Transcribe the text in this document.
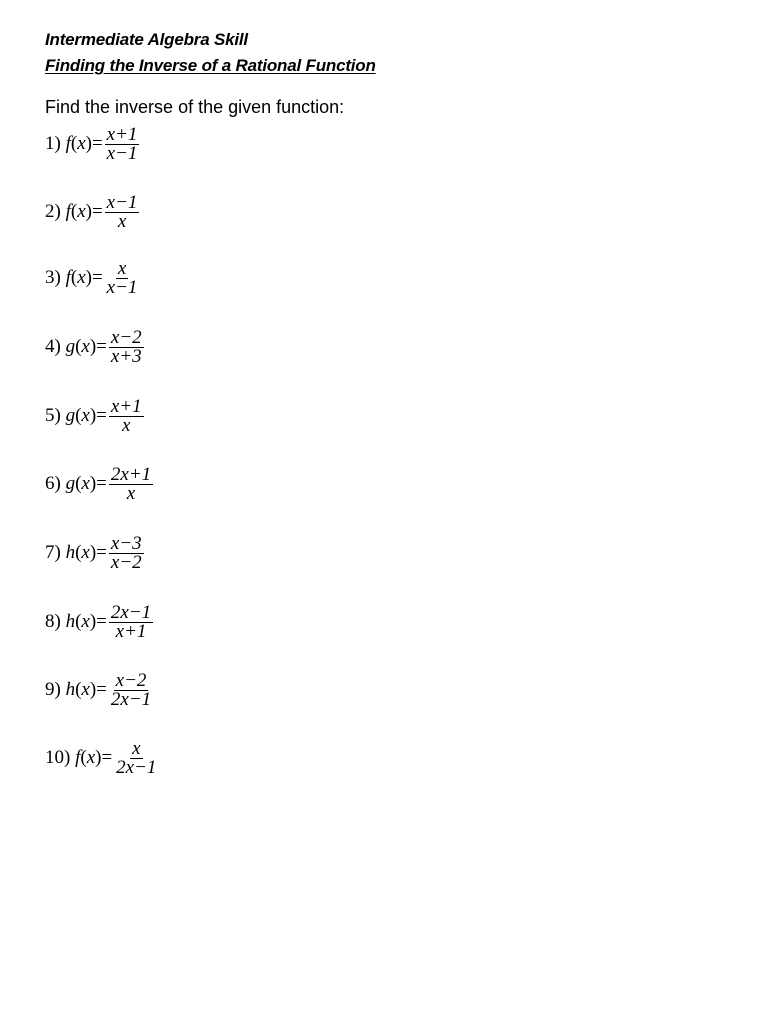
Intermediate Algebra Skill
Finding the Inverse of a Rational Function
Find the inverse of the given function:
1) $f(x)= \frac{x+1}{x-1}$
2) $f(x)= \frac{x-1}{x}$
3) $f(x)= \frac{x}{x-1}$
4) $g(x)= \frac{x-2}{x+3}$
5) $g(x)= \frac{x+1}{x}$
6) $g(x)= \frac{2x+1}{x}$
7) $h(x)= \frac{x-3}{x-2}$
8) $h(x)= \frac{2x-1}{x+1}$
9) $h(x)= \frac{x-2}{2x-1}$
10) $f(x)= \frac{x}{2x-1}$
